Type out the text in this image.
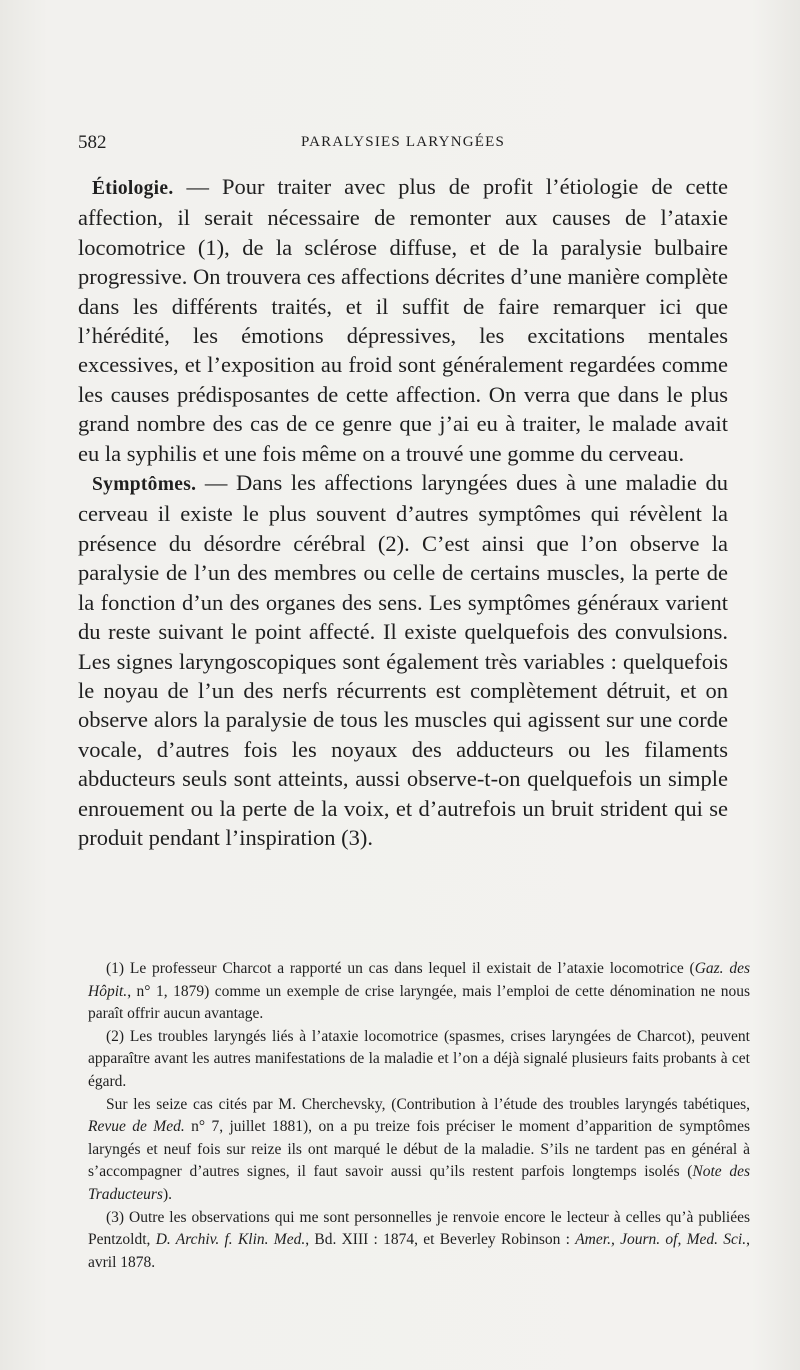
582	PARALYSIES LARYNGÉES

Étiologie. — Pour traiter avec plus de profit l’étiologie de cette affection, il serait nécessaire de remonter aux causes de l’ataxie locomotrice (1), de la sclérose diffuse, et de la paralysie bulbaire progressive. On trouvera ces affections décrites d’une manière complète dans les différents traités, et il suffit de faire remarquer ici que l’hérédité, les émotions dépressives, les excitations mentales excessives, et l’exposition au froid sont généralement regardées comme les causes prédisposantes de cette affection. On verra que dans le plus grand nombre des cas de ce genre que j’ai eu à traiter, le malade avait eu la syphilis et une fois même on a trouvé une gomme du cerveau.

Symptômes. — Dans les affections laryngées dues à une maladie du cerveau il existe le plus souvent d’autres symptômes qui révèlent la présence du désordre cérébral (2). C’est ainsi que l’on observe la paralysie de l’un des membres ou celle de certains muscles, la perte de la fonction d’un des organes des sens. Les symptômes généraux varient du reste suivant le point affecté. Il existe quelquefois des convulsions. Les signes laryngoscopiques sont également très variables : quelquefois le noyau de l’un des nerfs récurrents est complètement détruit, et on observe alors la paralysie de tous les muscles qui agissent sur une corde vocale, d’autres fois les noyaux des adducteurs ou les filaments abducteurs seuls sont atteints, aussi observe-t-on quelquefois un simple enrouement ou la perte de la voix, et d’autrefois un bruit strident qui se produit pendant l’inspiration (3).

(1) Le professeur Charcot a rapporté un cas dans lequel il existait de l’ataxie locomotrice (Gaz. des Hôpit., n° 1, 1879) comme un exemple de crise laryngée, mais l’emploi de cette dénomination ne nous paraît offrir aucun avantage.

(2) Les troubles laryngés liés à l’ataxie locomotrice (spasmes, crises laryngées de Charcot), peuvent apparaître avant les autres manifestations de la maladie et l’on a déjà signalé plusieurs faits probants à cet égard.

Sur les seize cas cités par M. Cherchevsky, (Contribution à l’étude des troubles laryngés tabétiques, Revue de Med. n° 7, juillet 1881), on a pu treize fois préciser le moment d’apparition de symptômes laryngés et neuf fois sur reize ils ont marqué le début de la maladie. S’ils ne tardent pas en général à s’accompagner d’autres signes, il faut savoir aussi qu’ils restent parfois longtemps isolés (Note des Traducteurs).

(3) Outre les observations qui me sont personnelles je renvoie encore le lecteur à celles qu’à publiées Pentzoldt, D. Archiv. f. Klin. Med., Bd. XIII : 1874, et Beverley Robinson : Amer., Journ. of, Med. Sci., avril 1878.
